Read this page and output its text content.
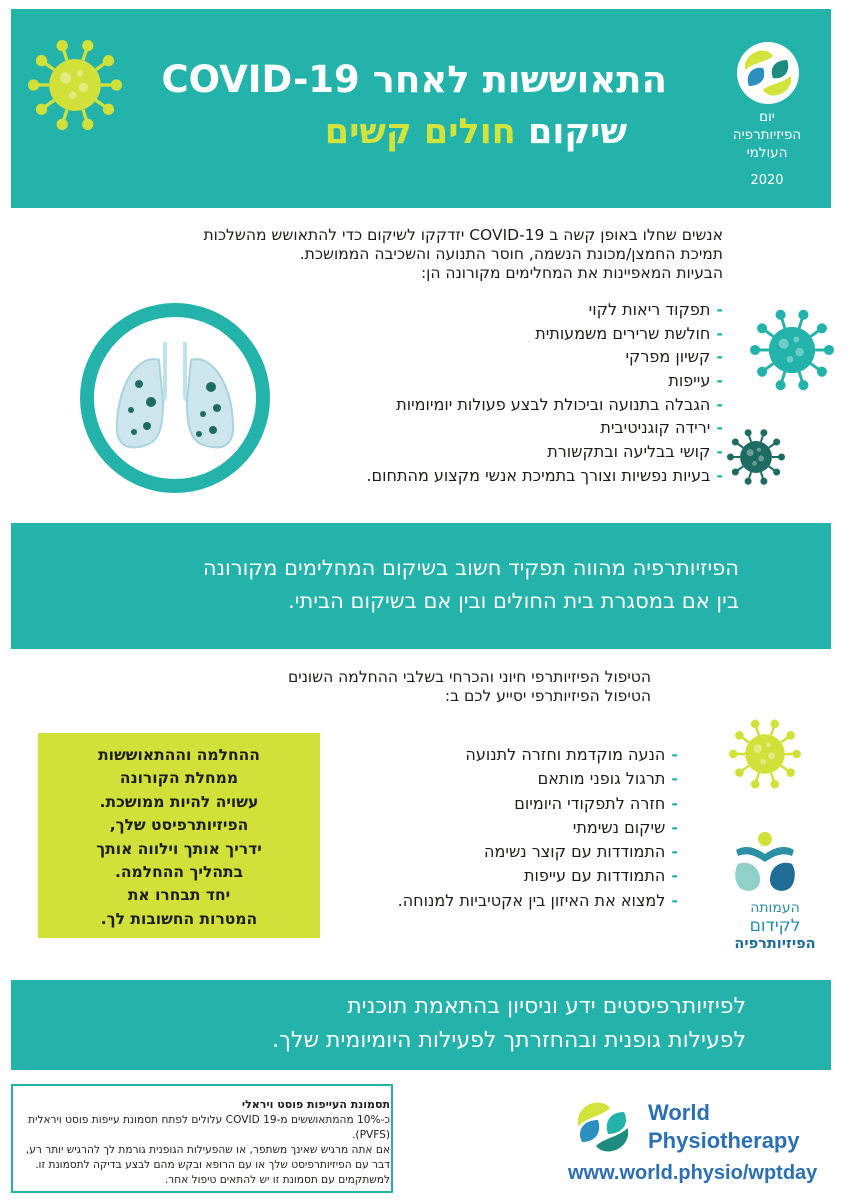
התאוששות לאחר COVID-19
שיקום חולים קשים	יום הפיזיותרפיה העולמי
2020
אנשים שחלו באופן קשה ב COVID-19 יזדקקו לשיקום כדי להתאושש מהשלכות
תמיכת החמצן/מכונת הנשמה, חוסר התנועה והשכיבה הממושכת.
הבעיות המאפיינות את המחלימים מקורונה הן:
-תפקוד ריאות לקוי
-חולשת שרירים משמעותית
-קשיון מפרקי
-עייפות
-הגבלה בתנועה וביכולת לבצע פעולות יומיומיות
-ירידה קוגניטיבית
-קושי בבליעה ובתקשורת
-בעיות נפשיות וצורך בתמיכת אנשי מקצוע מהתחום.
הפיזיותרפיה מהווה תפקיד חשוב בשיקום המחלימים מקורונה
בין אם במסגרת בית החולים ובין אם בשיקום הביתי.
הטיפול הפיזיותרפי חיוני והכרחי בשלבי ההחלמה השונים
הטיפול הפיזיותרפי יסייע לכם ב:
ההחלמה וההתאוששות
ממחלת הקורונה
עשויה להיות ממושכת.
הפיזיותרפיסט שלך,
ידריך אותך וילווה אותך
בתהליך ההחלמה.
יחד תבחרו את
המטרות החשובות לך.
-הנעה מוקדמת וחזרה לתנועה
-תרגול גופני מותאם
-חזרה לתפקודי היומיום
-שיקום נשימתי
-התמודדות עם קוצר נשימה
-התמודדות עם עייפות
-למצוא את האיזון בין אקטיביות למנוחה.	העמותה
לקידום
הפיזיותרפיה
לפיזיותרפיסטים ידע וניסיון בהתאמת תוכנית
לפעילות גופנית ובהחזרתך לפעילות היומיומית שלך.
תסמונת העייפות פוסט ויראלי
כ-10% מהמתאוששים מ-COVID 19 עלולים לפתח תסמונת עייפות פוסט ויראלית (PVFS).
אם אתה מרגיש שאינך משתפר, או שהפעילות הגופנית גורמת לך להרגיש יותר רע,
דבר עם הפיזיותרפיסט שלך או עם הרופא ובקש מהם לבצע בדיקה לתסמונת זו.
למשתקמים עם תסמונת זו יש להתאים טיפול אחר.
World
Physiotherapy
www.world.physio/wptday
